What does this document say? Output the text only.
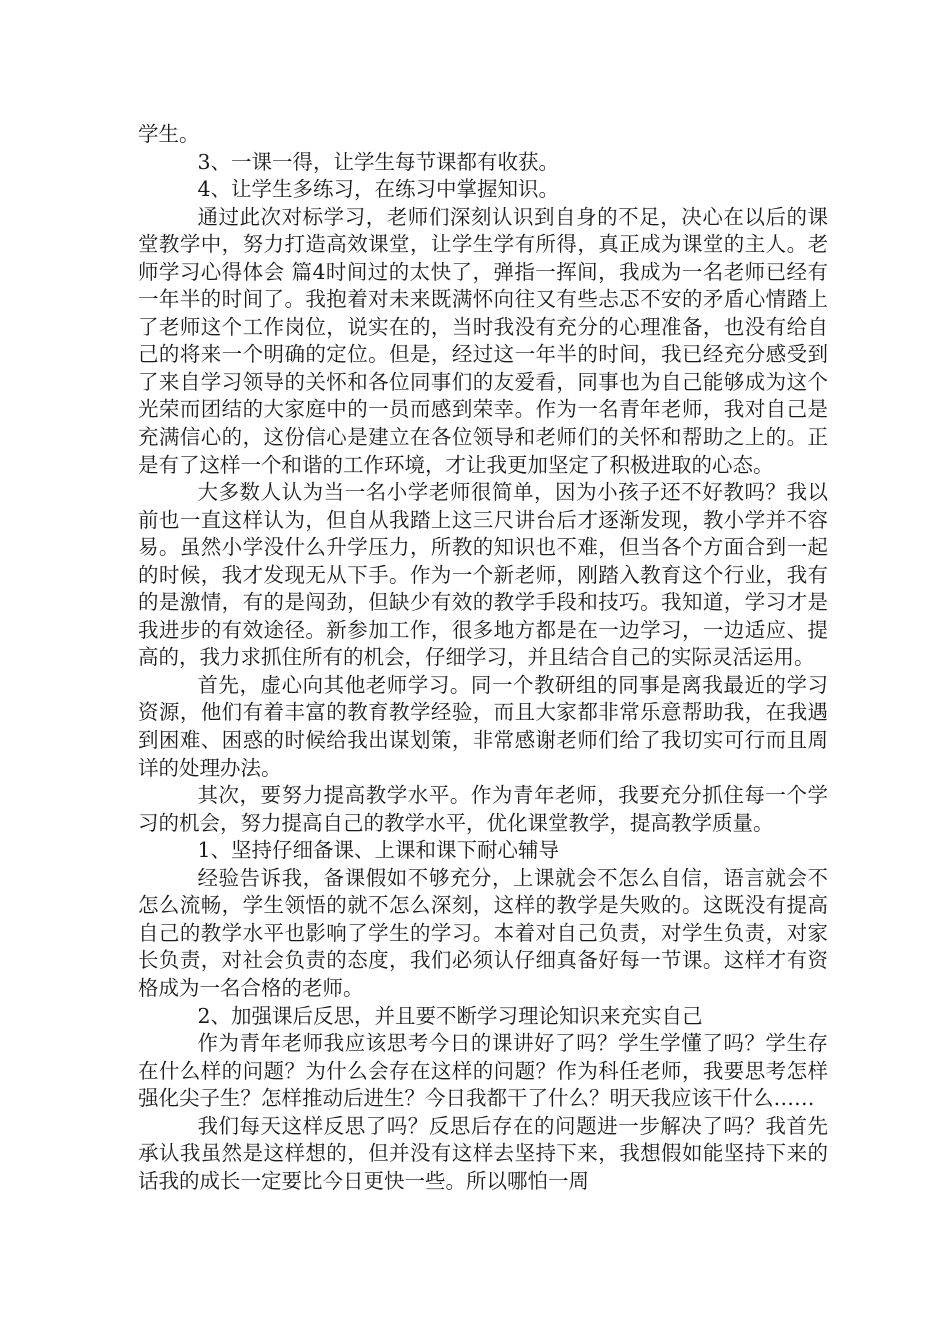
学生。

3、一课一得，让学生每节课都有收获。

4、让学生多练习，在练习中掌握知识。

通过此次对标学习，老师们深刻认识到自身的不足，决心在以后的课堂教学中，努力打造高效课堂，让学生学有所得，真正成为课堂的主人。老师学习心得体会 篇4时间过的太快了，弹指一挥间，我成为一名老师已经有一年半的时间了。我抱着对未来既满怀向往又有些忐忑不安的矛盾心情踏上了老师这个工作岗位，说实在的，当时我没有充分的心理准备，也没有给自己的将来一个明确的定位。但是，经过这一年半的时间，我已经充分感受到了来自学习领导的关怀和各位同事们的友爱看，同事也为自己能够成为这个光荣而团结的大家庭中的一员而感到荣幸。作为一名青年老师，我对自己是充满信心的，这份信心是建立在各位领导和老师们的关怀和帮助之上的。正是有了这样一个和谐的工作环境，才让我更加坚定了积极进取的心态。

大多数人认为当一名小学老师很简单，因为小孩子还不好教吗？我以前也一直这样认为，但自从我踏上这三尺讲台后才逐渐发现，教小学并不容易。虽然小学没什么升学压力，所教的知识也不难，但当各个方面合到一起的时候，我才发现无从下手。作为一个新老师，刚踏入教育这个行业，我有的是激情，有的是闯劲，但缺少有效的教学手段和技巧。我知道，学习才是我进步的有效途径。新参加工作，很多地方都是在一边学习，一边适应、提高的，我力求抓住所有的机会，仔细学习，并且结合自己的实际灵活运用。

首先，虚心向其他老师学习。同一个教研组的同事是离我最近的学习资源，他们有着丰富的教育教学经验，而且大家都非常乐意帮助我，在我遇到困难、困惑的时候给我出谋划策，非常感谢老师们给了我切实可行而且周详的处理办法。

其次，要努力提高教学水平。作为青年老师，我要充分抓住每一个学习的机会，努力提高自己的教学水平，优化课堂教学，提高教学质量。

1、坚持仔细备课、上课和课下耐心辅导

经验告诉我，备课假如不够充分，上课就会不怎么自信，语言就会不怎么流畅，学生领悟的就不怎么深刻，这样的教学是失败的。这既没有提高自己的教学水平也影响了学生的学习。本着对自己负责，对学生负责，对家长负责，对社会负责的态度，我们必须认仔细真备好每一节课。这样才有资格成为一名合格的老师。

2、加强课后反思，并且要不断学习理论知识来充实自己

作为青年老师我应该思考今日的课讲好了吗？学生学懂了吗？学生存在什么样的问题？为什么会存在这样的问题？作为科任老师，我要思考怎样强化尖子生？怎样推动后进生？今日我都干了什么？明天我应该干什么……

我们每天这样反思了吗？反思后存在的问题进一步解决了吗？我首先承认我虽然是这样想的，但并没有这样去坚持下来，我想假如能坚持下来的话我的成长一定要比今日更快一些。所以哪怕一周
